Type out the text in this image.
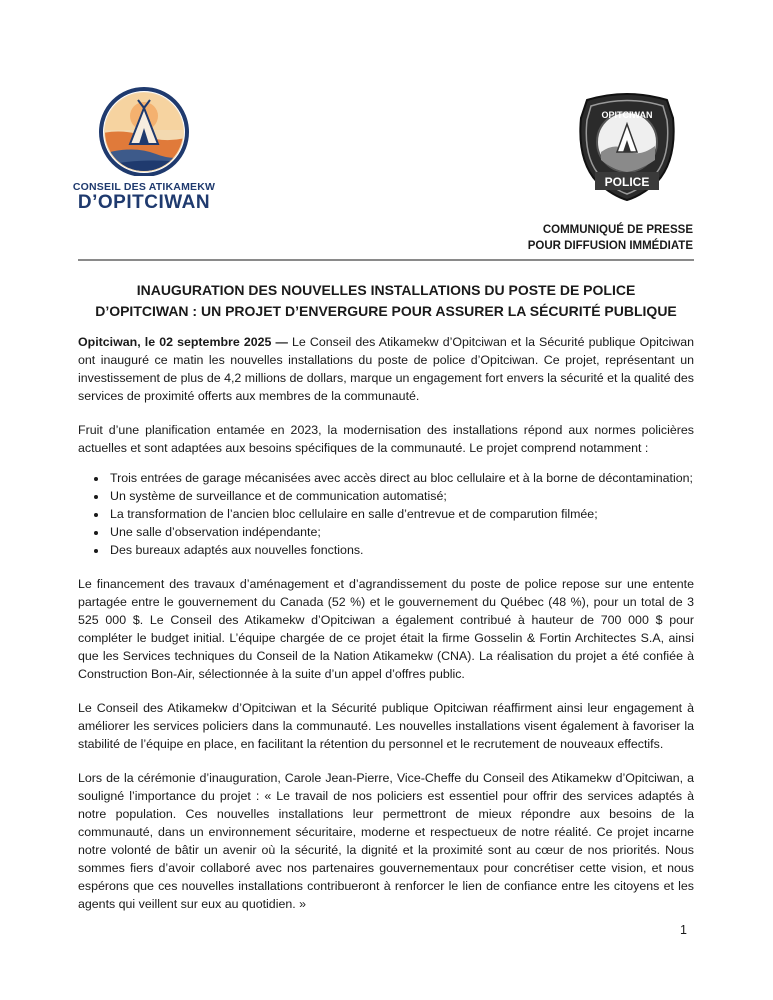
CONSEIL DES ATIKAMEKW
D’OPITCIWAN
OPITCIWAN
POLICE
COMMUNIQUÉ DE PRESSE
POUR DIFFUSION IMMÉDIATE
INAUGURATION DES NOUVELLES INSTALLATIONS DU POSTE DE POLICE
D’OPITCIWAN : UN PROJET D’ENVERGURE POUR ASSURER LA SÉCURITÉ PUBLIQUE

Opitciwan, le 02 septembre 2025 — Le Conseil des Atikamekw d’Opitciwan et la Sécurité publique Opitciwan ont inauguré ce matin les nouvelles installations du poste de police d’Opitciwan. Ce projet, représentant un investissement de plus de 4,2 millions de dollars, marque un engagement fort envers la sécurité et la qualité des services de proximité offerts aux membres de la communauté.

Fruit d’une planification entamée en 2023, la modernisation des installations répond aux normes policières actuelles et sont adaptées aux besoins spécifiques de la communauté. Le projet comprend notamment :

• Trois entrées de garage mécanisées avec accès direct au bloc cellulaire et à la borne de décontamination;
• Un système de surveillance et de communication automatisé;
• La transformation de l’ancien bloc cellulaire en salle d’entrevue et de comparution filmée;
• Une salle d’observation indépendante;
• Des bureaux adaptés aux nouvelles fonctions.

Le financement des travaux d’aménagement et d’agrandissement du poste de police repose sur une entente partagée entre le gouvernement du Canada (52 %) et le gouvernement du Québec (48 %), pour un total de 3 525 000 $. Le Conseil des Atikamekw d’Opitciwan a également contribué à hauteur de 700 000 $ pour compléter le budget initial. L’équipe chargée de ce projet était la firme Gosselin & Fortin Architectes S.A, ainsi que les Services techniques du Conseil de la Nation Atikamekw (CNA). La réalisation du projet a été confiée à Construction Bon-Air, sélectionnée à la suite d’un appel d’offres public.

Le Conseil des Atikamekw d’Opitciwan et la Sécurité publique Opitciwan réaffirment ainsi leur engagement à améliorer les services policiers dans la communauté. Les nouvelles installations visent également à favoriser la stabilité de l’équipe en place, en facilitant la rétention du personnel et le recrutement de nouveaux effectifs.

Lors de la cérémonie d’inauguration, Carole Jean-Pierre, Vice-Cheffe du Conseil des Atikamekw d’Opitciwan, a souligné l’importance du projet : « Le travail de nos policiers est essentiel pour offrir des services adaptés à notre population. Ces nouvelles installations leur permettront de mieux répondre aux besoins de la communauté, dans un environnement sécuritaire, moderne et respectueux de notre réalité. Ce projet incarne notre volonté de bâtir un avenir où la sécurité, la dignité et la proximité sont au cœur de nos priorités. Nous sommes fiers d’avoir collaboré avec nos partenaires gouvernementaux pour concrétiser cette vision, et nous espérons que ces nouvelles installations contribueront à renforcer le lien de confiance entre les citoyens et les agents qui veillent sur eux au quotidien. »

1
